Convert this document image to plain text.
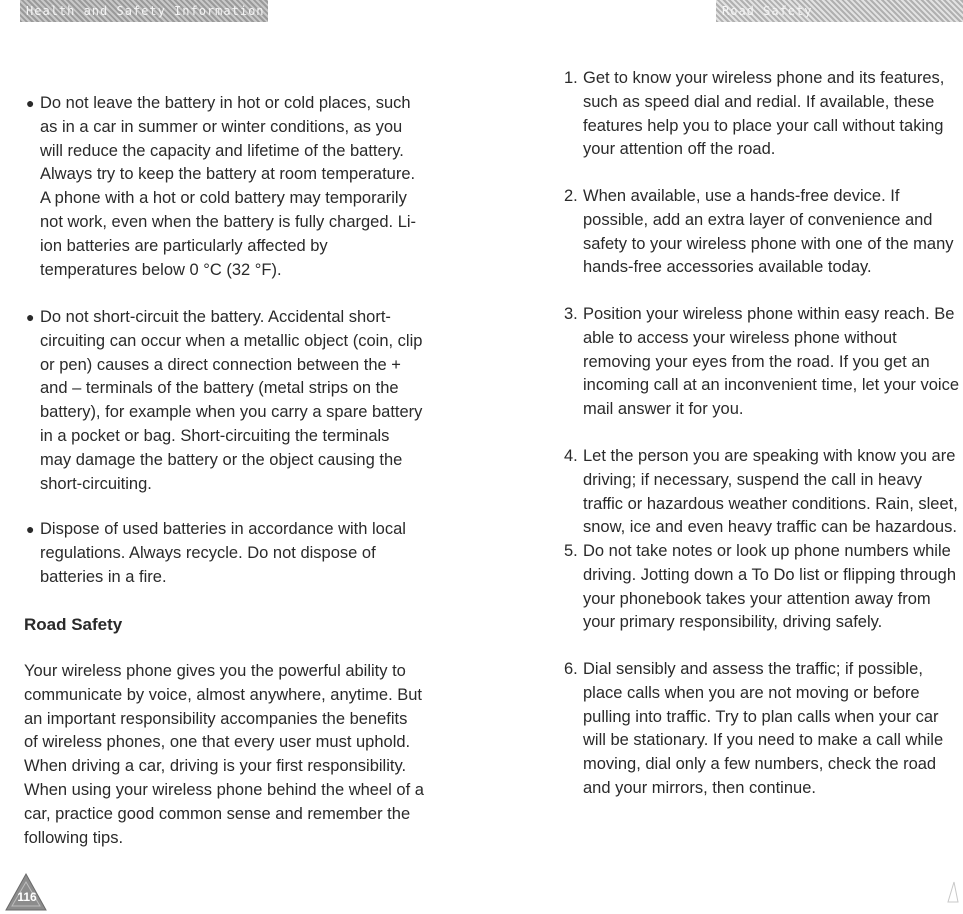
Health and Safety Information	Road Safety
● Do not leave the battery in hot or cold places, such as in a car in summer or winter conditions, as you will reduce the capacity and lifetime of the battery. Always try to keep the battery at room temperature. A phone with a hot or cold battery may temporarily not work, even when the battery is fully charged. Li-ion batteries are particularly affected by temperatures below 0 °C (32 °F).
● Do not short-circuit the battery. Accidental short-circuiting can occur when a metallic object (coin, clip or pen) causes a direct connection between the + and – terminals of the battery (metal strips on the battery), for example when you carry a spare battery in a pocket or bag. Short-circuiting the terminals may damage the battery or the object causing the short-circuiting.
● Dispose of used batteries in accordance with local regulations. Always recycle. Do not dispose of batteries in a fire.

Road Safety

Your wireless phone gives you the powerful ability to communicate by voice, almost anywhere, anytime. But an important responsibility accompanies the benefits of wireless phones, one that every user must uphold. When driving a car, driving is your first responsibility. When using your wireless phone behind the wheel of a car, practice good common sense and remember the following tips.

1. Get to know your wireless phone and its features, such as speed dial and redial. If available, these features help you to place your call without taking your attention off the road.
2. When available, use a hands-free device. If possible, add an extra layer of convenience and safety to your wireless phone with one of the many hands-free accessories available today.
3. Position your wireless phone within easy reach. Be able to access your wireless phone without removing your eyes from the road. If you get an incoming call at an inconvenient time, let your voice mail answer it for you.
4. Let the person you are speaking with know you are driving; if necessary, suspend the call in heavy traffic or hazardous weather conditions. Rain, sleet, snow, ice and even heavy traffic can be hazardous.
5. Do not take notes or look up phone numbers while driving. Jotting down a To Do list or flipping through your phonebook takes your attention away from your primary responsibility, driving safely.
6. Dial sensibly and assess the traffic; if possible, place calls when you are not moving or before pulling into traffic. Try to plan calls when your car will be stationary. If you need to make a call while moving, dial only a few numbers, check the road and your mirrors, then continue.
116
